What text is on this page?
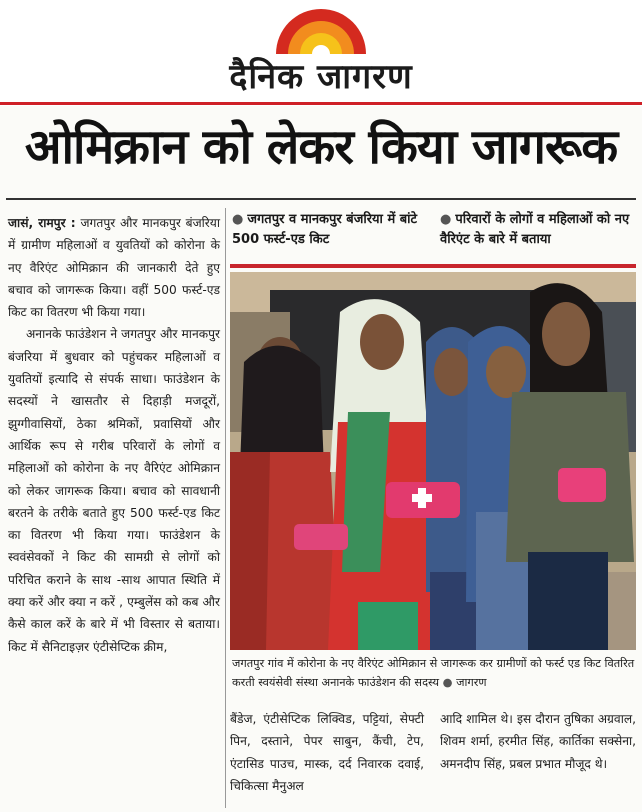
दैनिक जागरण
ओमिक्रान को लेकर किया जागरूक

जासं, रामपुर : जगतपुर और मानकपुर बंजरिया में ग्रामीण महिलाओं व युवतियों को कोरोना के नए वैरिएंट ओमिक्रान की जानकारी देते हुए बचाव को जागरूक किया। वहीं 500 फर्स्ट-एड किट का वितरण भी किया गया।

अनानके फाउंडेशन ने जगतपुर और मानकपुर बंजरिया में बुधवार को पहुंचकर महिलाओं व युवतियों इत्यादि से संपर्क साधा। फाउंडेशन के सदस्यों ने खासतौर से दिहाड़ी मजदूरों, झुग्गीवासियों, ठेका श्रमिकों, प्रवासियों और आर्थिक रूप से गरीब परिवारों के लोगों व महिलाओं को कोरोना के नए वैरिएंट ओमिक्रान को लेकर जागरूक किया। बचाव को सावधानी बरतने के तरीके बताते हुए 500 फर्स्ट-एड किट का वितरण भी किया गया। फाउंडेशन के स्ववंसेवकों ने किट की सामग्री से लोगों को परिचित कराने के साथ -साथ आपात स्थिति में क्या करें और क्या न करें , एम्बुलेंस को कब और कैसे काल करें के बारे में भी विस्तार से बताया। किट में सैनिटाइज़र एंटीसेप्टिक क्रीम,

● जगतपुर व मानकपुर बंजरिया में बांटे 500 फर्स्ट-एड किट
● परिवारों के लोगों व महिलाओं को नए वैरिएंट के बारे में बताया
जगतपुर गांव में कोरोना के नए वैरिएंट ओमिक्रान से जागरूक कर ग्रामीणों को फर्स्ट एड किट वितरित करती स्वयंसेवी संस्था अनानके फाउंडेशन की सदस्य ● जागरण

बैंडेज, एंटीसेप्टिक लिक्विड, पट्टियां, सेफ्टी पिन, दस्ताने, पेपर साबुन, कैंची, टेप, एंटासिड पाउच, मास्क, दर्द निवारक दवाई, चिकित्सा मैनुअल

आदि शामिल थे। इस दौरान तुषिका अग्रवाल, शिवम शर्मा, हरमीत सिंह, कार्तिका सक्सेना, अमनदीप सिंह, प्रबल प्रभात मौजूद थे।
